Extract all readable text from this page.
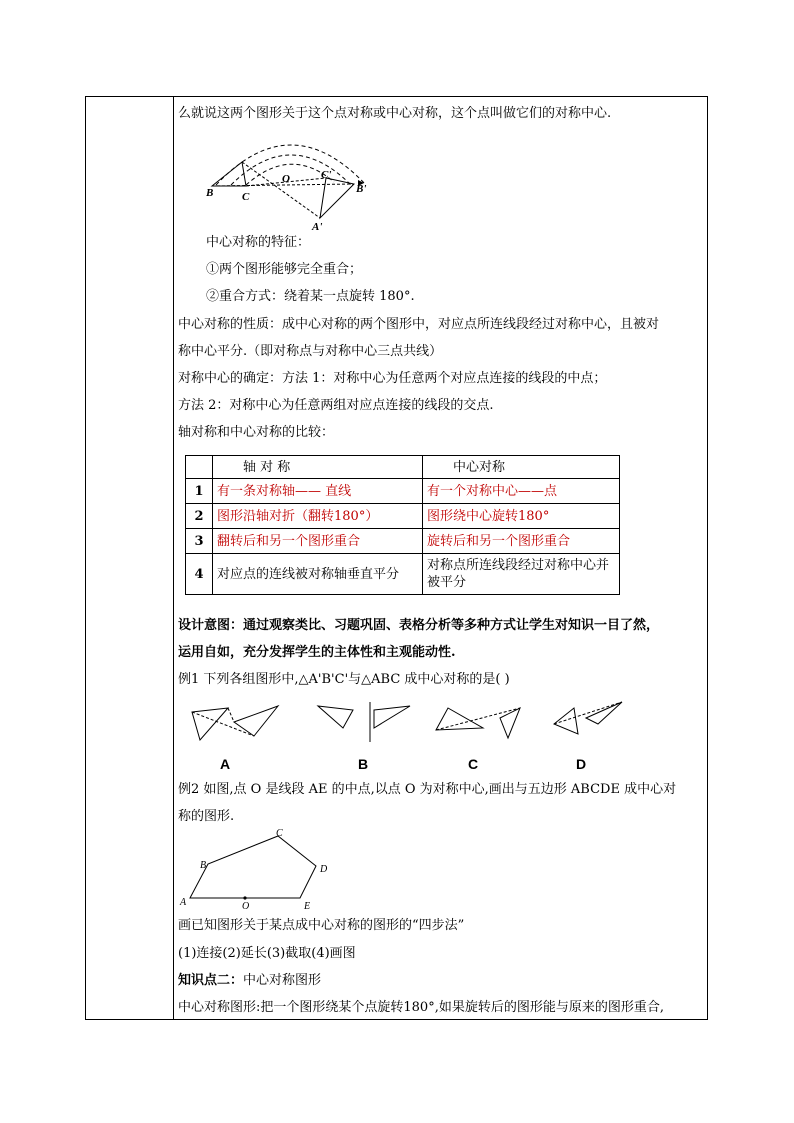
么就说这两个图形关于这个点对称或中心对称，这个点叫做它们的对称中心.
B	C
O	C'
B'
A'
中心对称的特征：
①两个图形能够完全重合；
②重合方式：绕着某一点旋转 180°.
中心对称的性质：成中心对称的两个图形中，对应点所连线段经过对称中心，且被对
称中心平分.（即对称点与对称中心三点共线）
对称中心的确定：方法 1：对称中心为任意两个对应点连接的线段的中点；
方法 2：对称中心为任意两组对应点连接的线段的交点.
轴对称和中心对称的比较：
	轴 对 称	中心对称
1	有一条对称轴—— 直线	有一个对称中心——点
2	图形沿轴对折（翻转180°）	图形绕中心旋转180°
3	翻转后和另一个图形重合	旋转后和另一个图形重合
4	对应点的连线被对称轴垂直平分	对称点所连线段经过对称中心并被平分
设计意图：通过观察类比、习题巩固、表格分析等多种方式让学生对知识一目了然，
运用自如，充分发挥学生的主体性和主观能动性.
例1 下列各组图形中,△A'B'C'与△ABC 成中心对称的是( )
A	B	C	D
例2 如图,点 O 是线段 AE 的中点,以点 O 为对称中心,画出与五边形 ABCDE 成中心对
称的图形.
A
B
C
D
E
O
画已知图形关于某点成中心对称的图形的“四步法”
(1)连接(2)延长(3)截取(4)画图
知识点二：中心对称图形
中心对称图形:把一个图形绕某个点旋转180°,如果旋转后的图形能与原来的图形重合,
